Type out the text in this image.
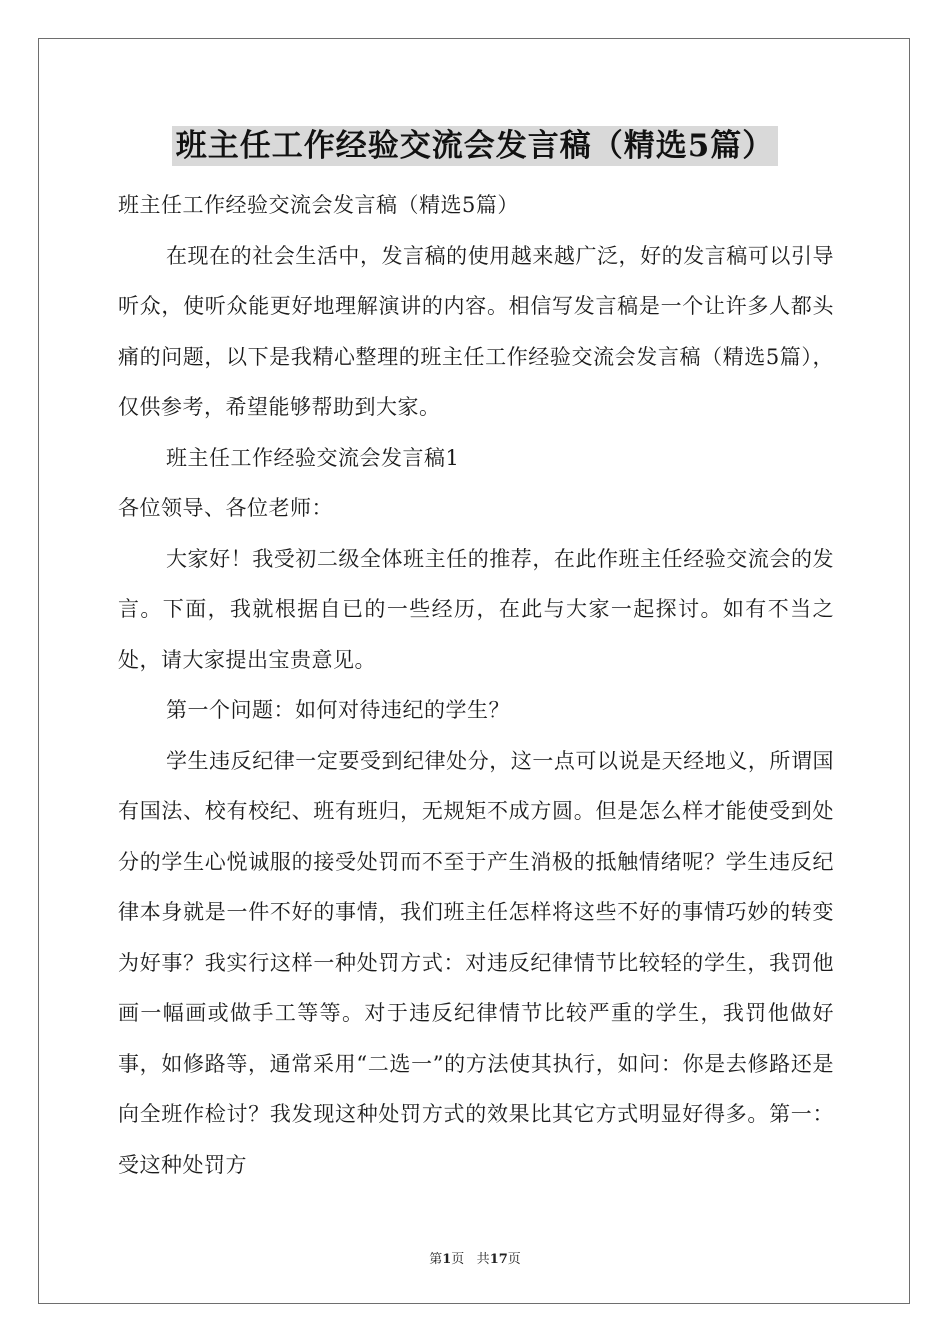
班主任工作经验交流会发言稿（精选5篇）

班主任工作经验交流会发言稿（精选5篇）

在现在的社会生活中，发言稿的使用越来越广泛，好的发言稿可以引导听众，使听众能更好地理解演讲的内容。相信写发言稿是一个让许多人都头痛的问题，以下是我精心整理的班主任工作经验交流会发言稿（精选5篇），仅供参考，希望能够帮助到大家。

班主任工作经验交流会发言稿1

各位领导、各位老师：

大家好！我受初二级全体班主任的推荐，在此作班主任经验交流会的发言。下面，我就根据自已的一些经历，在此与大家一起探讨。如有不当之处，请大家提出宝贵意见。

第一个问题：如何对待违纪的学生？

学生违反纪律一定要受到纪律处分，这一点可以说是天经地义，所谓国有国法、校有校纪、班有班归，无规矩不成方圆。但是怎么样才能使受到处分的学生心悦诚服的接受处罚而不至于产生消极的抵触情绪呢？学生违反纪律本身就是一件不好的事情，我们班主任怎样将这些不好的事情巧妙的转变为好事？我实行这样一种处罚方式：对违反纪律情节比较轻的学生，我罚他画一幅画或做手工等等。对于违反纪律情节比较严重的学生，我罚他做好事，如修路等，通常采用“二选一”的方法使其执行，如问：你是去修路还是向全班作检讨？我发现这种处罚方式的效果比其它方式明显好得多。第一：受这种处罚方

第1页 共17页
